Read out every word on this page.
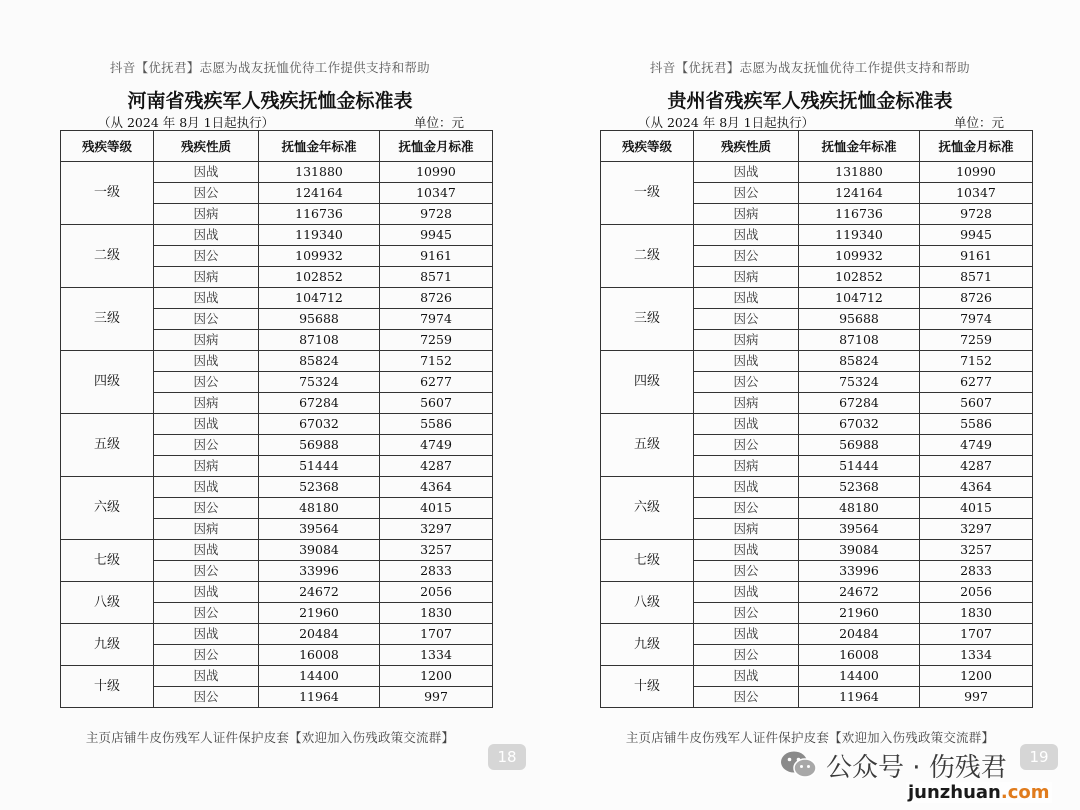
抖音【优抚君】志愿为战友抚恤优待工作提供支持和帮助
河南省残疾军人残疾抚恤金标准表
（从 2024 年 8月 1日起执行）	单位：元
残疾等级	残疾性质	抚恤金年标准	抚恤金月标准
一级	因战	131880	10990
	因公	124164	10347
	因病	116736	9728
二级	因战	119340	9945
	因公	109932	9161
	因病	102852	8571
三级	因战	104712	8726
	因公	95688	7974
	因病	87108	7259
四级	因战	85824	7152
	因公	75324	6277
	因病	67284	5607
五级	因战	67032	5586
	因公	56988	4749
	因病	51444	4287
六级	因战	52368	4364
	因公	48180	4015
	因病	39564	3297
七级	因战	39084	3257
	因公	33996	2833
八级	因战	24672	2056
	因公	21960	1830
九级	因战	20484	1707
	因公	16008	1334
十级	因战	14400	1200
	因公	11964	997
主页店铺牛皮伤残军人证件保护皮套【欢迎加入伤残政策交流群】
18
抖音【优抚君】志愿为战友抚恤优待工作提供支持和帮助
贵州省残疾军人残疾抚恤金标准表
（从 2024 年 8月 1日起执行）	单位：元
残疾等级	残疾性质	抚恤金年标准	抚恤金月标准
一级	因战	131880	10990
	因公	124164	10347
	因病	116736	9728
二级	因战	119340	9945
	因公	109932	9161
	因病	102852	8571
三级	因战	104712	8726
	因公	95688	7974
	因病	87108	7259
四级	因战	85824	7152
	因公	75324	6277
	因病	67284	5607
五级	因战	67032	5586
	因公	56988	4749
	因病	51444	4287
六级	因战	52368	4364
	因公	48180	4015
	因病	39564	3297
七级	因战	39084	3257
	因公	33996	2833
八级	因战	24672	2056
	因公	21960	1830
九级	因战	20484	1707
	因公	16008	1334
十级	因战	14400	1200
	因公	11964	997
主页店铺牛皮伤残军人证件保护皮套【欢迎加入伤残政策交流群】
19
公众号 · 伤残君
junzhuan.com
